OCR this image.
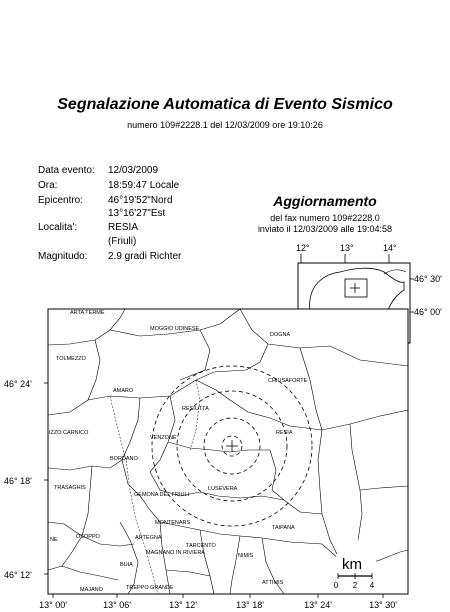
Segnalazione Automatica di Evento Sismico
numero 109#2228.1 del 12/03/2009 ore 19:10:26
Data evento: 12/03/2009
Ora:	18:59:47 Locale
Epicentro: 46°19'52"Nord
13°16'27"Est
Localita':	RESIA
(Friuli)
Magnitudo: 2.9 gradi Richter
Aggiornamento
del fax numero 109#2228.0
inviato il 12/03/2009 alle 19:04:58
12°	13°	14°
46° 30'
46° 00'
ARTA TERME
MOGGIO UDINESE
TOLMEZZO
DOGNA
CHIUSAFORTE
AMARO
RESIUTTA
RESIA
VENZONE
BORDANO
LUSEVERA
TRASAGHIS
GEMONA DEL FRIULI
MONTENARS
ARTEGNA
TAIPANA
TARCENTO
MAGNANO IN RIVIERA	NIMIS
BUIA
ATTIMIS
TREPPO GRANDE
MAJANO
OSOPPO
NE
IZZO CARNICO
46° 24'
46° 18'
46° 12'
13° 00'	13° 06'	13° 12'	13° 18'	13° 24'	13° 30'
km
0 2 4
